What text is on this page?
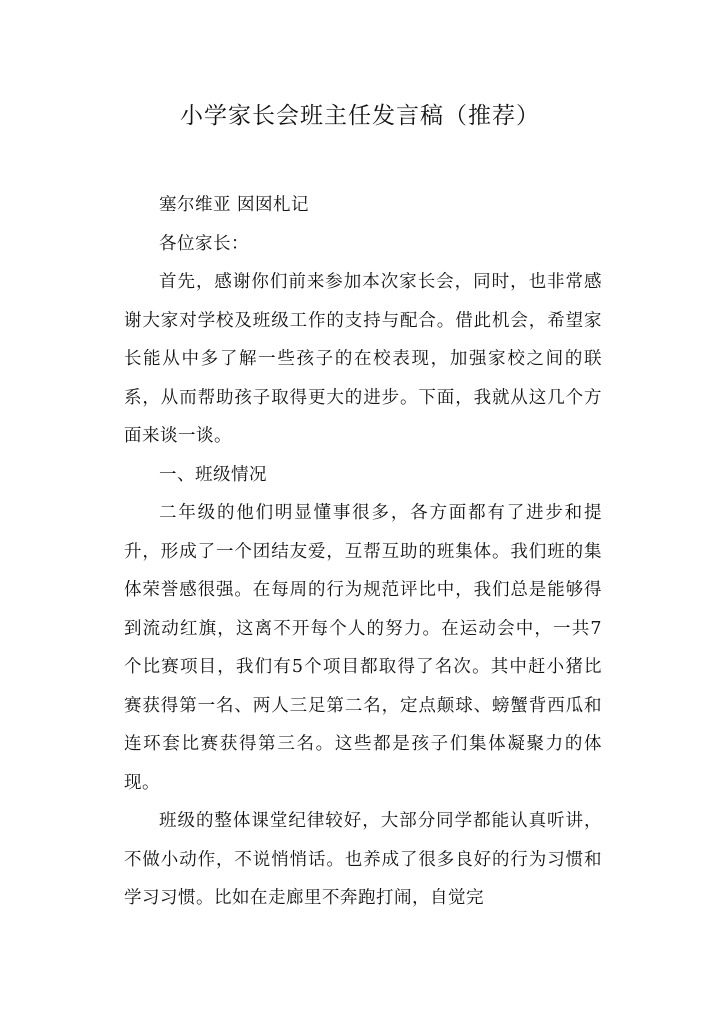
小学家长会班主任发言稿（推荐）

塞尔维亚 囡囡札记

各位家长：

首先，感谢你们前来参加本次家长会，同时，也非常感谢大家对学校及班级工作的支持与配合。借此机会，希望家长能从中多了解一些孩子的在校表现，加强家校之间的联系，从而帮助孩子取得更大的进步。下面，我就从这几个方面来谈一谈。

一、班级情况

二年级的他们明显懂事很多，各方面都有了进步和提升，形成了一个团结友爱，互帮互助的班集体。我们班的集体荣誉感很强。在每周的行为规范评比中，我们总是能够得到流动红旗，这离不开每个人的努力。在运动会中，一共7个比赛项目，我们有5个项目都取得了名次。其中赶小猪比赛获得第一名、两人三足第二名，定点颠球、螃蟹背西瓜和连环套比赛获得第三名。这些都是孩子们集体凝聚力的体现。

班级的整体课堂纪律较好，大部分同学都能认真听讲，不做小动作，不说悄悄话。也养成了很多良好的行为习惯和学习习惯。比如在走廊里不奔跑打闹，自觉完
